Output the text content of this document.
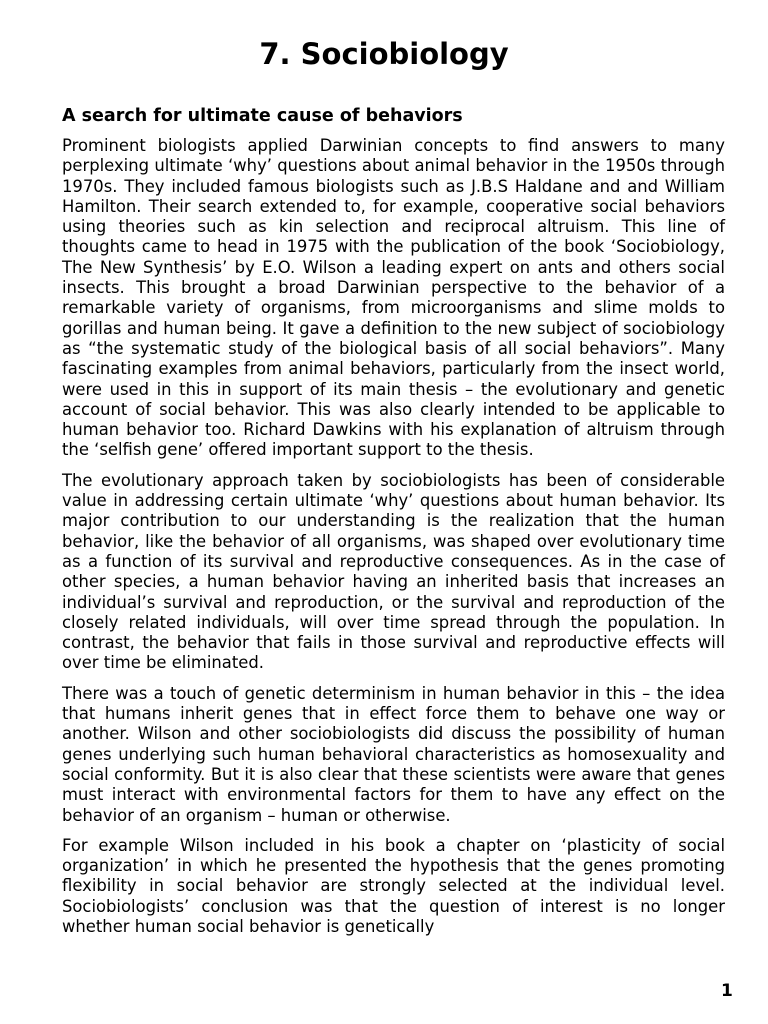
7. Sociobiology
A search for ultimate cause of behaviors

Prominent biologists applied Darwinian concepts to find answers to many perplexing ultimate ‘why’ questions about animal behavior in the 1950s through 1970s. They included famous biologists such as J.B.S Haldane and and William Hamilton. Their search extended to, for example, cooperative social behaviors using theories such as kin selection and reciprocal altruism. This line of thoughts came to head in 1975 with the publication of the book ‘Sociobiology, The New Synthesis’ by E.O. Wilson a leading expert on ants and others social insects. This brought a broad Darwinian perspective to the behavior of a remarkable variety of organisms, from microorganisms and slime molds to gorillas and human being. It gave a definition to the new subject of sociobiology as “the systematic study of the biological basis of all social behaviors”. Many fascinating examples from animal behaviors, particularly from the insect world, were used in this in support of its main thesis – the evolutionary and genetic account of social behavior. This was also clearly intended to be applicable to human behavior too. Richard Dawkins with his explanation of altruism through the ‘selfish gene’ offered important support to the thesis.

The evolutionary approach taken by sociobiologists has been of considerable value in addressing certain ultimate ‘why’ questions about human behavior. Its major contribution to our understanding is the realization that the human behavior, like the behavior of all organisms, was shaped over evolutionary time as a function of its survival and reproductive consequences. As in the case of other species, a human behavior having an inherited basis that increases an individual’s survival and reproduction, or the survival and reproduction of the closely related individuals, will over time spread through the population. In contrast, the behavior that fails in those survival and reproductive effects will over time be eliminated.

There was a touch of genetic determinism in human behavior in this – the idea that humans inherit genes that in effect force them to behave one way or another. Wilson and other sociobiologists did discuss the possibility of human genes underlying such human behavioral characteristics as homosexuality and social conformity. But it is also clear that these scientists were aware that genes must interact with environmental factors for them to have any effect on the behavior of an organism – human or otherwise.

For example Wilson included in his book a chapter on ‘plasticity of social organization’ in which he presented the hypothesis that the genes promoting flexibility in social behavior are strongly selected at the individual level. Sociobiologists’ conclusion was that the question of interest is no longer whether human social behavior is genetically

1
